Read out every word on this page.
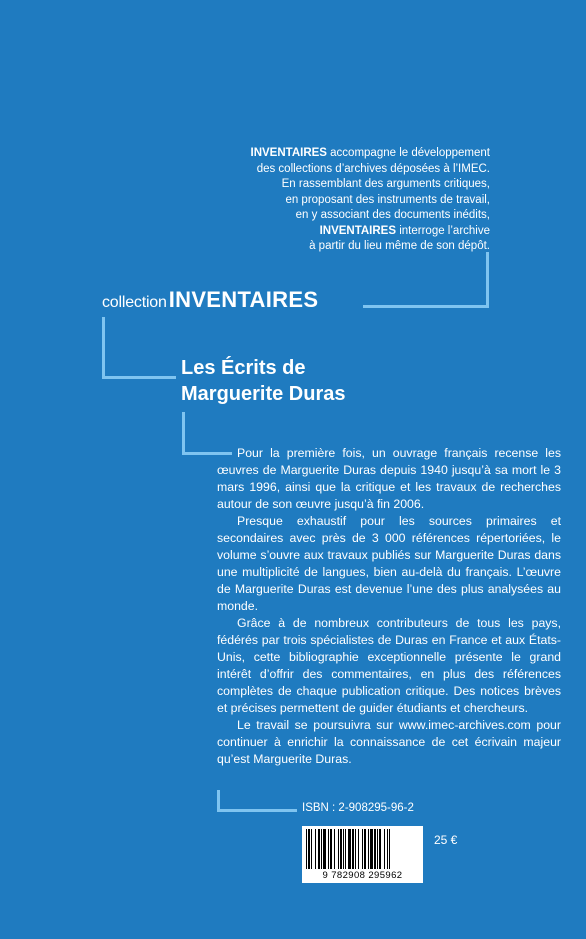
INVENTAIRES accompagne le développement
des collections d’archives déposées à l’IMEC.
En rassemblant des arguments critiques,
en proposant des instruments de travail,
en y associant des documents inédits,
INVENTAIRES interroge l’archive
à partir du lieu même de son dépôt.
collectionINVENTAIRES
Les Écrits de
Marguerite Duras

Pour la première fois, un ouvrage français recense les œuvres de Marguerite Duras depuis 1940 jusqu’à sa mort le 3 mars 1996, ainsi que la critique et les travaux de recherches autour de son œuvre jusqu’à fin 2006.

Presque exhaustif pour les sources primaires et secondaires avec près de 3 000 références répertoriées, le volume s’ouvre aux travaux publiés sur Marguerite Duras dans une multiplicité de langues, bien au-delà du français. L’œuvre de Marguerite Duras est devenue l’une des plus analysées au monde.

Grâce à de nombreux contributeurs de tous les pays, fédérés par trois spécialistes de Duras en France et aux États-Unis, cette bibliographie exceptionnelle présente le grand intérêt d’offrir des commentaires, en plus des références complètes de chaque publication critique. Des notices brèves et précises permettent de guider étudiants et chercheurs.

Le travail se poursuivra sur www.imec-archives.com pour continuer à enrichir la connaissance de cet écrivain majeur qu’est Marguerite Duras.

ISBN : 2-908295-96-2
9 782908 295962
25 €
